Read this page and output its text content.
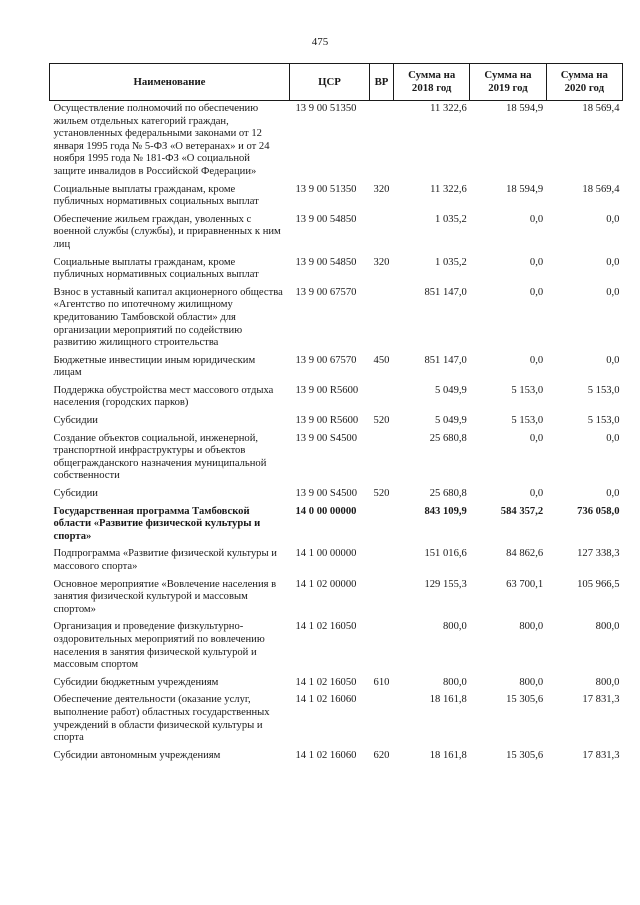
475
Наименование	ЦСР	ВР	Сумма на 2018 год	Сумма на 2019 год	Сумма на 2020 год
Осуществление полномочий по обеспечению жильем отдельных категорий граждан, установленных федеральными законами от 12 января 1995 года № 5-ФЗ «О ветеранах» и от 24 ноября 1995 года № 181-ФЗ «О социальной защите инвалидов в Российской Федерации»	13 9 00 51350		11 322,6	18 594,9	18 569,4
Социальные выплаты гражданам, кроме публичных нормативных социальных выплат	13 9 00 51350	320	11 322,6	18 594,9	18 569,4
Обеспечение жильем граждан, уволенных с военной службы (службы), и приравненных к ним лиц	13 9 00 54850		1 035,2	0,0	0,0
Социальные выплаты гражданам, кроме публичных нормативных социальных выплат	13 9 00 54850	320	1 035,2	0,0	0,0
Взнос в уставный капитал акционерного общества «Агентство по ипотечному жилищному кредитованию Тамбовской области» для организации мероприятий по содействию развитию жилищного строительства	13 9 00 67570		851 147,0	0,0	0,0
Бюджетные инвестиции иным юридическим лицам	13 9 00 67570	450	851 147,0	0,0	0,0
Поддержка обустройства мест массового отдыха населения (городских парков)	13 9 00 R5600		5 049,9	5 153,0	5 153,0
Субсидии	13 9 00 R5600	520	5 049,9	5 153,0	5 153,0
Создание объектов социальной, инженерной, транспортной инфраструктуры и объектов общегражданского назначения муниципальной собственности	13 9 00 S4500		25 680,8	0,0	0,0
Субсидии	13 9 00 S4500	520	25 680,8	0,0	0,0
Государственная программа Тамбовской области «Развитие физической культуры и спорта»	14 0 00 00000		843 109,9	584 357,2	736 058,0
Подпрограмма «Развитие физической культуры и массового спорта»	14 1 00 00000		151 016,6	84 862,6	127 338,3
Основное мероприятие «Вовлечение населения в занятия физической культурой и массовым спортом»	14 1 02 00000		129 155,3	63 700,1	105 966,5
Организация и проведение физкультурно-оздоровительных мероприятий по вовлечению населения в занятия физической культурой и массовым спортом	14 1 02 16050		800,0	800,0	800,0
Субсидии бюджетным учреждениям	14 1 02 16050	610	800,0	800,0	800,0
Обеспечение деятельности (оказание услуг, выполнение работ) областных государственных учреждений в области физической культуры и спорта	14 1 02 16060		18 161,8	15 305,6	17 831,3
Субсидии автономным учреждениям	14 1 02 16060	620	18 161,8	15 305,6	17 831,3
